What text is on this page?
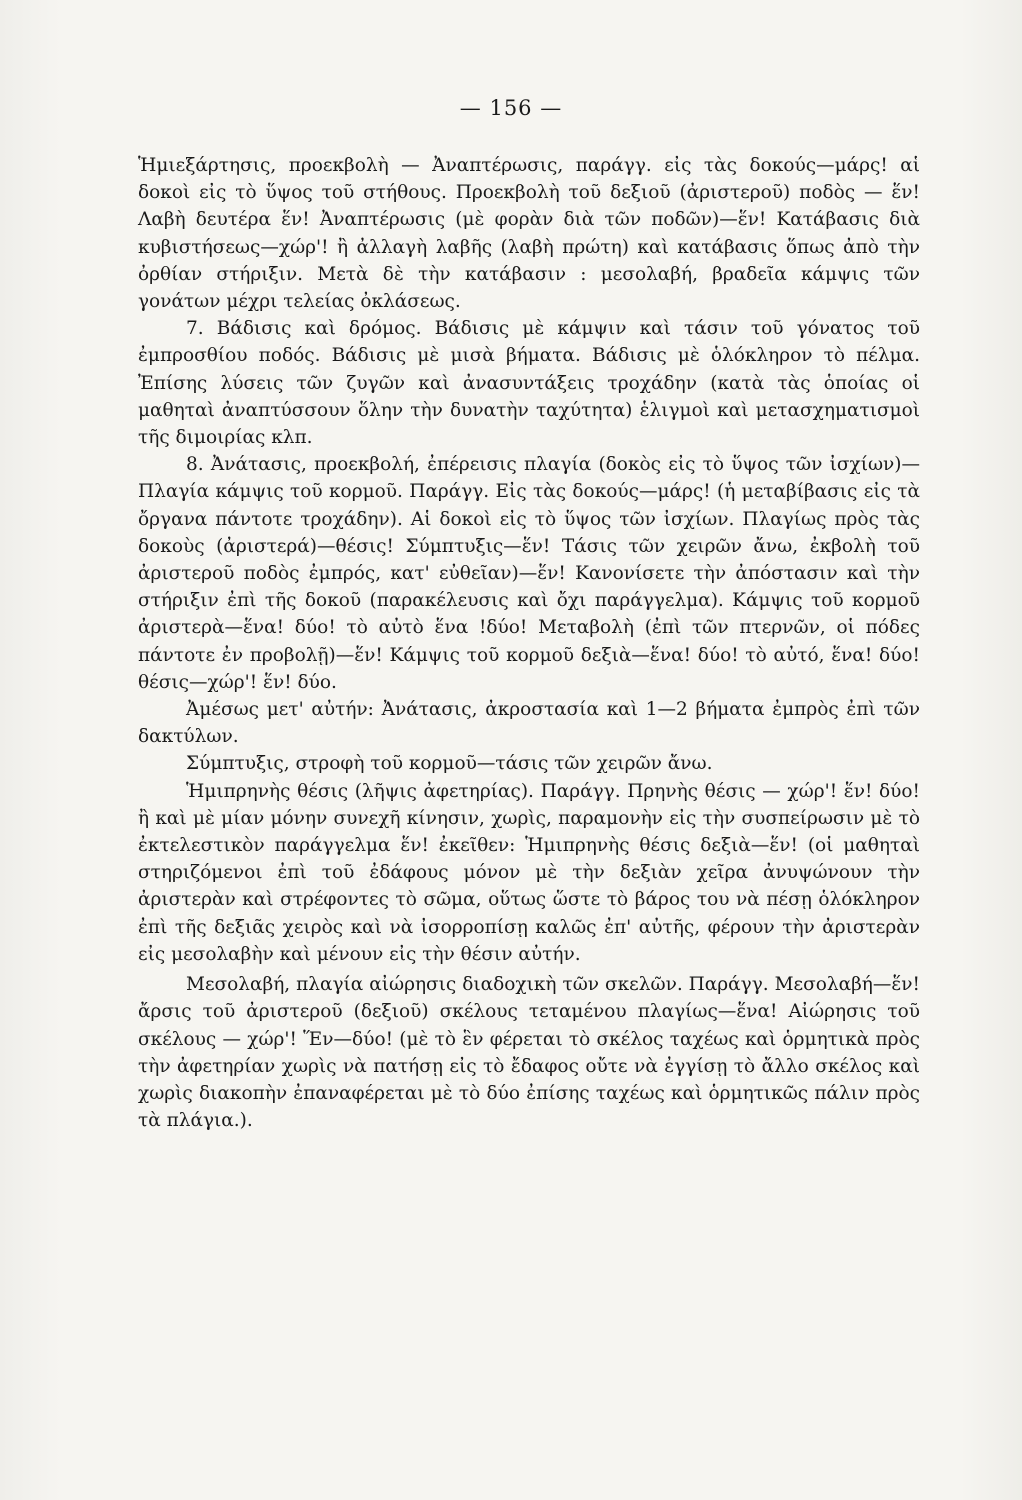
— 156 —

Ἡμιεξάρτησις, προεκβολὴ — Ἀναπτέρωσις, παράγγ. εἰς τὰς δοκούς—μάρς! αἱ δοκοὶ εἰς τὸ ὕψος τοῦ στήθους. Προεκβολὴ τοῦ δεξιοῦ (ἀριστεροῦ) ποδὸς — ἕν! Λαβὴ δευτέρα ἕν! Ἀναπτέρωσις (μὲ φορὰν διὰ τῶν ποδῶν)—ἕν! Κατάβασις διὰ κυβιστήσεως—χώρ'! ἢ ἀλλαγὴ λαβῆς (λαβὴ πρώτη) καὶ κατάβασις ὅπως ἀπὸ τὴν ὀρθίαν στήριξιν. Μετὰ δὲ τὴν κατάβασιν : μεσολαβή, βραδεῖα κάμψις τῶν γονάτων μέχρι τελείας ὀκλάσεως.

7. Βάδισις καὶ δρόμος. Βάδισις μὲ κάμψιν καὶ τάσιν τοῦ γόνατος τοῦ ἐμπροσθίου ποδός. Βάδισις μὲ μισὰ βήματα. Βάδισις μὲ ὁλόκληρον τὸ πέλμα. Ἐπίσης λύσεις τῶν ζυγῶν καὶ ἀνασυντάξεις τροχάδην (κατὰ τὰς ὁποίας οἱ μαθηταὶ ἀναπτύσσουν ὅλην τὴν δυνατὴν ταχύτητα) ἑλιγμοὶ καὶ μετασχηματισμοὶ τῆς διμοιρίας κλπ.

8. Ἀνάτασις, προεκβολή, ἐπέρεισις πλαγία (δοκὸς εἰς τὸ ὕψος τῶν ἰσχίων)—Πλαγία κάμψις τοῦ κορμοῦ. Παράγγ. Εἰς τὰς δοκούς—μάρς! (ἡ μεταβίβασις εἰς τὰ ὄργανα πάντοτε τροχάδην). Αἱ δοκοὶ εἰς τὸ ὕψος τῶν ἰσχίων. Πλαγίως πρὸς τὰς δοκοὺς (ἀριστερά)—θέσις! Σύμπτυξις—ἕν! Τάσις τῶν χειρῶν ἄνω, ἐκβολὴ τοῦ ἀριστεροῦ ποδὸς ἐμπρός, κατ' εὐθεῖαν)—ἕν! Κανονίσετε τὴν ἀπόστασιν καὶ τὴν στήριξιν ἐπὶ τῆς δοκοῦ (παρακέλευσις καὶ ὄχι παράγγελμα). Κάμψις τοῦ κορμοῦ ἀριστερὰ—ἕνα! δύο! τὸ αὐτὸ ἕνα !δύο! Μεταβολὴ (ἐπὶ τῶν πτερνῶν, οἱ πόδες πάντοτε ἐν προβολῇ)—ἕν! Κάμψις τοῦ κορμοῦ δεξιὰ—ἕνα! δύο! τὸ αὐτό, ἕνα! δύο! θέσις—χώρ'! ἕν! δύο.

Ἀμέσως μετ' αὐτήν: Ἀνάτασις, ἀκροστασία καὶ 1—2 βήματα ἐμπρὸς ἐπὶ τῶν δακτύλων.

Σύμπτυξις, στροφὴ τοῦ κορμοῦ—τάσις τῶν χειρῶν ἄνω.

Ἡμιπρηνὴς θέσις (λῆψις ἀφετηρίας). Παράγγ. Πρηνὴς θέσις — χώρ'! ἕν! δύο! ἢ καὶ μὲ μίαν μόνην συνεχῆ κίνησιν, χωρὶς, παραμονὴν εἰς τὴν συσπείρωσιν μὲ τὸ ἐκτελεστικὸν παράγγελμα ἕν! ἐκεῖθεν: Ἡμιπρηνὴς θέσις δεξιὰ—ἕν! (οἱ μαθηταὶ στηριζόμενοι ἐπὶ τοῦ ἐδάφους μόνον μὲ τὴν δεξιὰν χεῖρα ἀνυψώνουν τὴν ἀριστερὰν καὶ στρέφοντες τὸ σῶμα, οὕτως ὥστε τὸ βάρος του νὰ πέσῃ ὁλόκληρον ἐπὶ τῆς δεξιᾶς χειρὸς καὶ νὰ ἰσορροπίσῃ καλῶς ἐπ' αὐτῆς, φέρουν τὴν ἀριστερὰν εἰς μεσολαβὴν καὶ μένουν εἰς τὴν θέσιν αὐτήν.

Μεσολαβή, πλαγία αἰώρησις διαδοχικὴ τῶν σκελῶν. Παράγγ. Μεσολαβή—ἕν! ἄρσις τοῦ ἀριστεροῦ (δεξιοῦ) σκέλους τεταμένου πλαγίως—ἕνα! Αἰώρησις τοῦ σκέλους — χώρ'! Ἕν—δύο! (μὲ τὸ ἓν φέρεται τὸ σκέλος ταχέως καὶ ὁρμητικὰ πρὸς τὴν ἀφετηρίαν χωρὶς νὰ πατήσῃ εἰς τὸ ἔδαφος οὔτε νὰ ἐγγίσῃ τὸ ἄλλο σκέλος καὶ χωρὶς διακοπὴν ἐπαναφέρεται μὲ τὸ δύο ἐπίσης ταχέως καὶ ὁρμητικῶς πάλιν πρὸς τὰ πλάγια.).
